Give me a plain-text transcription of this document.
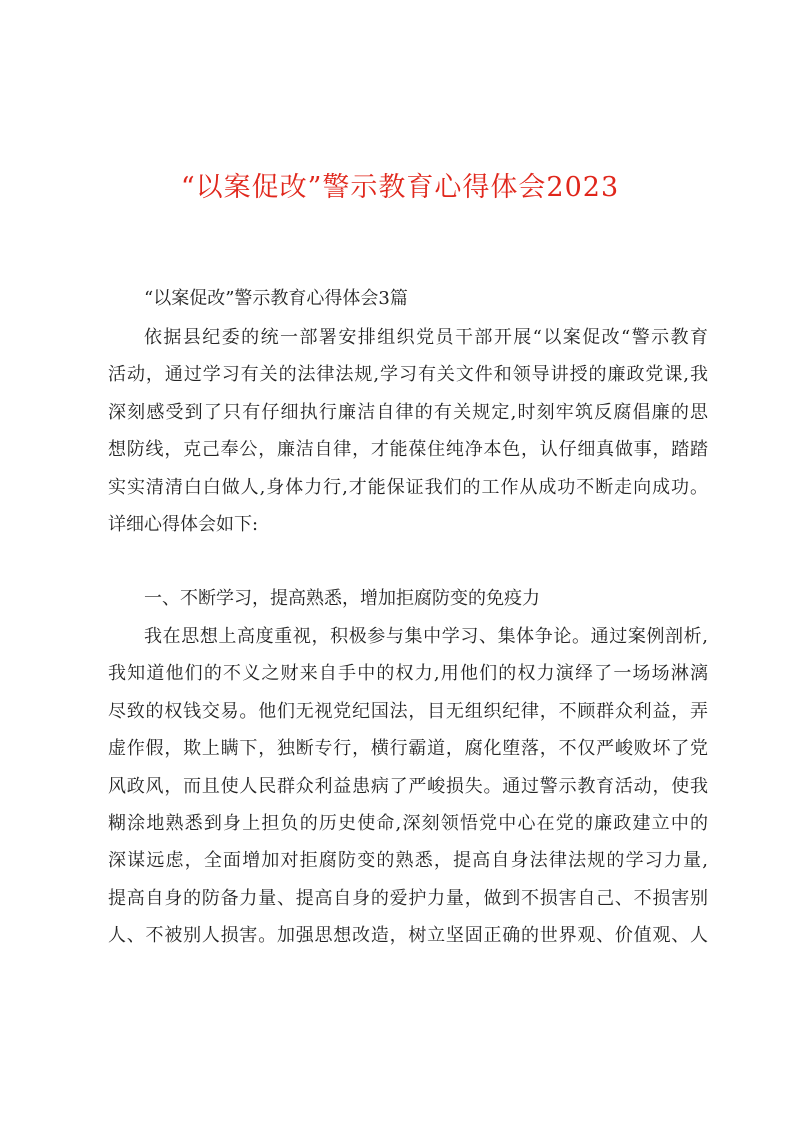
“以案促改”警示教育心得体会2023

“以案促改”警示教育心得体会3篇

依据县纪委的统一部署安排组织党员干部开展“以案促改“警示教育
活动，通过学习有关的法律法规,学习有关文件和领导讲授的廉政党课,我
深刻感受到了只有仔细执行廉洁自律的有关规定,时刻牢筑反腐倡廉的思
想防线，克己奉公，廉洁自律，才能葆住纯净本色，认仔细真做事，踏踏
实实清清白白做人,身体力行,才能保证我们的工作从成功不断走向成功。
详细心得体会如下:

一、不断学习，提高熟悉，增加拒腐防变的免疫力

我在思想上高度重视，积极参与集中学习、集体争论。通过案例剖析,
我知道他们的不义之财来自手中的权力,用他们的权力演绎了一场场淋漓
尽致的权钱交易。他们无视党纪国法，目无组织纪律，不顾群众利益，弄
虚作假，欺上瞒下，独断专行，横行霸道，腐化堕落，不仅严峻败坏了党
风政风，而且使人民群众利益患病了严峻损失。通过警示教育活动，使我
糊涂地熟悉到身上担负的历史使命,深刻领悟党中心在党的廉政建立中的
深谋远虑，全面增加对拒腐防变的熟悉，提高自身法律法规的学习力量,
提高自身的防备力量、提高自身的爱护力量，做到不损害自己、不损害别
人、不被别人损害。加强思想改造，树立坚固正确的世界观、价值观、人
